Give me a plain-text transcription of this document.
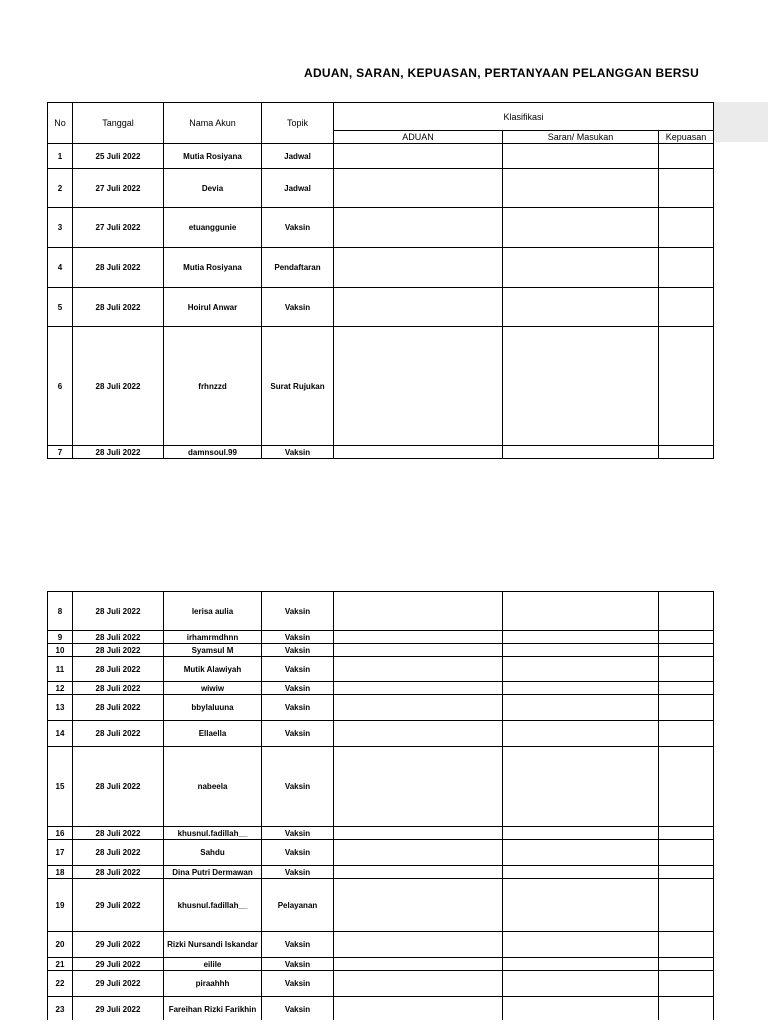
ADUAN, SARAN, KEPUASAN, PERTANYAAN PELANGGAN BERSU
No	Tanggal	Nama Akun	Topik	Klasifikasi		
				ADUAN	Saran/ Masukan	Kepuasan
1	25 Juli 2022	Mutia Rosiyana	Jadwal			
2	27 Juli 2022	Devia	Jadwal			
3	27 Juli 2022	etuanggunie	Vaksin			
4	28 Juli 2022	Mutia Rosiyana	Pendaftaran			
5	28 Juli 2022	Hoirul Anwar	Vaksin			
6	28 Juli 2022	frhnzzd	Surat Rujukan			
7	28 Juli 2022	damnsoul.99	Vaksin			
8	28 Juli 2022	lerisa aulia	Vaksin			
9	28 Juli 2022	irhamrmdhnn	Vaksin			
10	28 Juli 2022	Syamsul M	Vaksin			
11	28 Juli 2022	Mutik Alawiyah	Vaksin			
12	28 Juli 2022	wiwiw	Vaksin			
13	28 Juli 2022	bbylaluuna	Vaksin			
14	28 Juli 2022	Ellaella	Vaksin			
15	28 Juli 2022	nabeela	Vaksin			
16	28 Juli 2022	khusnul.fadillah__	Vaksin			
17	28 Juli 2022	Sahdu	Vaksin			
18	28 Juli 2022	Dina Putri Dermawan	Vaksin			
19	29 Juli 2022	khusnul.fadillah__	Pelayanan			
20	29 Juli 2022	Rizki Nursandi Iskandar	Vaksin			
21	29 Juli 2022	eilile	Vaksin			
22	29 Juli 2022	piraahhh	Vaksin			
23	29 Juli 2022	Fareihan Rizki Farikhin	Vaksin			
